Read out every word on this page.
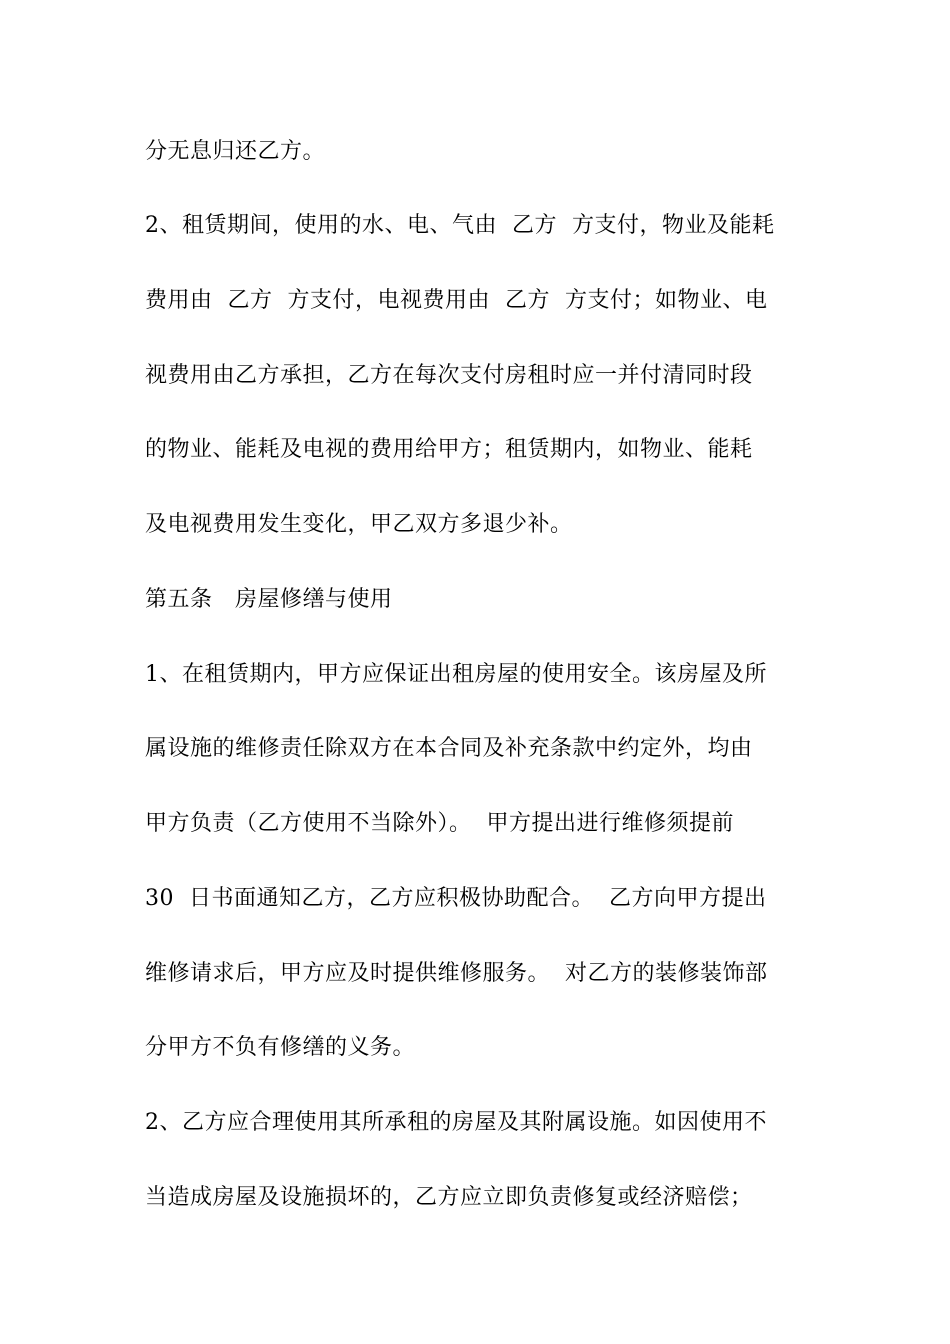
分无息归还乙方。
2、租赁期间，使用的水、电、气由  乙方  方支付，物业及能耗
费用由  乙方  方支付，电视费用由  乙方  方支付；如物业、电
视费用由乙方承担，乙方在每次支付房租时应一并付清同时段
的物业、能耗及电视的费用给甲方；租赁期内，如物业、能耗
及电视费用发生变化，甲乙双方多退少补。
第五条   房屋修缮与使用
1、在租赁期内，甲方应保证出租房屋的使用安全。该房屋及所
属设施的维修责任除双方在本合同及补充条款中约定外，均由
甲方负责（乙方使用不当除外）。  甲方提出进行维修须提前
30  日书面通知乙方，乙方应积极协助配合。  乙方向甲方提出
维修请求后，甲方应及时提供维修服务。  对乙方的装修装饰部
分甲方不负有修缮的义务。
2、乙方应合理使用其所承租的房屋及其附属设施。如因使用不
当造成房屋及设施损坏的，乙方应立即负责修复或经济赔偿；
